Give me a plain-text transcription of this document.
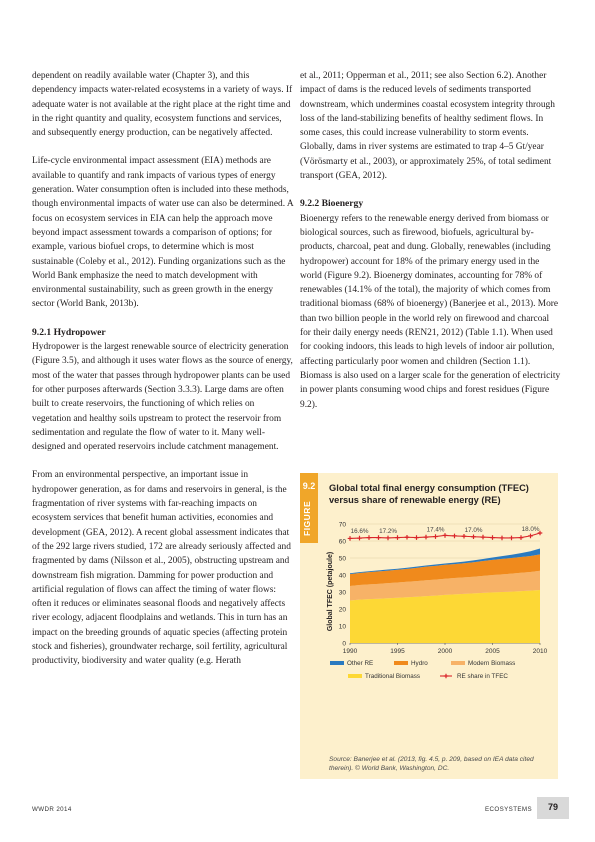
dependent on readily available water (Chapter 3), and this dependency impacts water-related ecosystems in a variety of ways. If adequate water is not available at the right place at the right time and in the right quantity and quality, ecosystem functions and services, and subsequently energy production, can be negatively affected.

Life-cycle environmental impact assessment (EIA) methods are available to quantify and rank impacts of various types of energy generation. Water consumption often is included into these methods, though environmental impacts of water use can also be determined. A focus on ecosystem services in EIA can help the approach move beyond impact assessment towards a comparison of options; for example, various biofuel crops, to determine which is most sustainable (Coleby et al., 2012). Funding organizations such as the World Bank emphasize the need to match development with environmental sustainability, such as green growth in the energy sector (World Bank, 2013b).

9.2.1 Hydropower

Hydropower is the largest renewable source of electricity generation (Figure 3.5), and although it uses water flows as the source of energy, most of the water that passes through hydropower plants can be used for other purposes afterwards (Section 3.3.3). Large dams are often built to create reservoirs, the functioning of which relies on vegetation and healthy soils upstream to protect the reservoir from sedimentation and regulate the flow of water to it. Many well-designed and operated reservoirs include catchment management.

From an environmental perspective, an important issue in hydropower generation, as for dams and reservoirs in general, is the fragmentation of river systems with far-reaching impacts on ecosystem services that benefit human activities, economies and development (GEA, 2012). A recent global assessment indicates that of the 292 large rivers studied, 172 are already seriously affected and fragmented by dams (Nilsson et al., 2005), obstructing upstream and downstream fish migration. Damming for power production and artificial regulation of flows can affect the timing of water flows: often it reduces or eliminates seasonal floods and negatively affects river ecology, adjacent floodplains and wetlands. This in turn has an impact on the breeding grounds of aquatic species (affecting protein stock and fisheries), groundwater recharge, soil fertility, agricultural productivity, biodiversity and water quality (e.g. Herath

et al., 2011; Opperman et al., 2011; see also Section 6.2). Another impact of dams is the reduced levels of sediments transported downstream, which undermines coastal ecosystem integrity through loss of the land-stabilizing benefits of healthy sediment flows. In some cases, this could increase vulnerability to storm events. Globally, dams in river systems are estimated to trap 4–5 Gt/year (Vörösmarty et al., 2003), or approximately 25%, of total sediment transport (GEA, 2012).

9.2.2 Bioenergy

Bioenergy refers to the renewable energy derived from biomass or biological sources, such as firewood, biofuels, agricultural by-products, charcoal, peat and dung. Globally, renewables (including hydropower) account for 18% of the primary energy used in the world (Figure 9.2). Bioenergy dominates, accounting for 78% of renewables (14.1% of the total), the majority of which comes from traditional biomass (68% of bioenergy) (Banerjee et al., 2013). More than two billion people in the world rely on firewood and charcoal for their daily energy needs (REN21, 2012) (Table 1.1). When used for cooking indoors, this leads to high levels of indoor air pollution, affecting particularly poor women and children (Section 1.1). Biomass is also used on a larger scale for the generation of electricity in power plants consuming wood chips and forest residues (Figure 9.2).

0
10
20
30
40
50
60
70
1990	1995	2000	2005	2010
Global TFEC (petajoule)
16.6% 17.2%	17.4%	17.0%	18.0%
Other RE	Hydro	Modern Biomass
Traditional Biomass	RE share in TFEC
9.2
FIGURE
Global total final energy consumption (TFEC) versus share of renewable energy (RE)
Source: Banerjee et al. (2013, fig. 4.5, p. 209, based on IEA data cited therein). © World Bank, Washington, DC.
WWDR 2014	ECOSYSTEMS	79
